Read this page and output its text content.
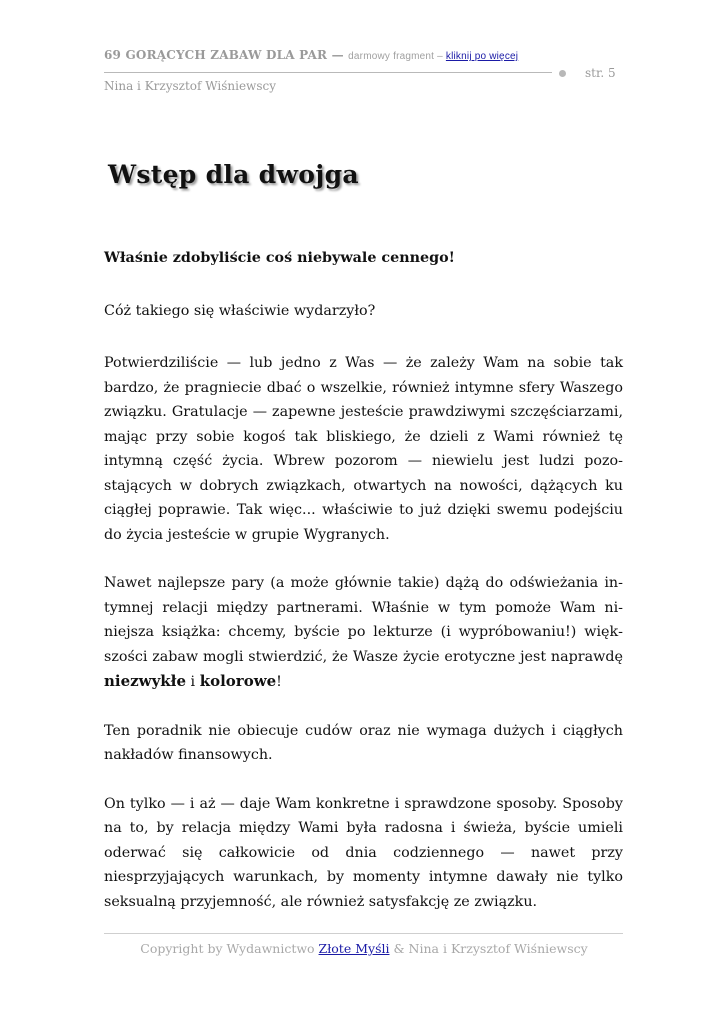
69 GORĄCYCH ZABAW DLA PAR — darmowy fragment – kliknij po więcej
str. 5
Nina i Krzysztof Wiśniewscy
Wstęp dla dwojga

Właśnie zdobyliście coś niebywale cennego!

Cóż takiego się właściwie wydarzyło?

Potwierdziliście — lub jedno z Was — że zależy Wam na sobie tak bardzo, że pragniecie dbać o wszelkie, również intymne sfery Waszego związku. Gratulacje — zapewne jesteście prawdziwymi szczęściarzami, mając przy sobie kogoś tak bliskiego, że dzieli z Wami również tę intymną część życia. Wbrew pozorom — niewielu jest ludzi pozostających w dobrych związkach, otwartych na nowości, dążących ku ciągłej poprawie. Tak więc... właściwie to już dzięki swemu podejściu do życia jesteście w grupie Wygranych.

Nawet najlepsze pary (a może głównie takie) dążą do odświeżania intymnej relacji między partnerami. Właśnie w tym pomoże Wam niniejsza książka: chcemy, byście po lekturze (i wypróbowaniu!) większości zabaw mogli stwierdzić, że Wasze życie erotyczne jest naprawdę niezwykłe i kolorowe!

Ten poradnik nie obiecuje cudów oraz nie wymaga dużych i ciągłych nakładów finansowych.

On tylko — i aż — daje Wam konkretne i sprawdzone sposoby. Sposoby na to, by relacja między Wami była radosna i świeża, byście umieli oderwać się całkowicie od dnia codziennego — nawet przy niesprzyjających warunkach, by momenty intymne dawały nie tylko seksualną przyjemność, ale również satysfakcję ze związku.

Copyright by Wydawnictwo Złote Myśli & Nina i Krzysztof Wiśniewscy
